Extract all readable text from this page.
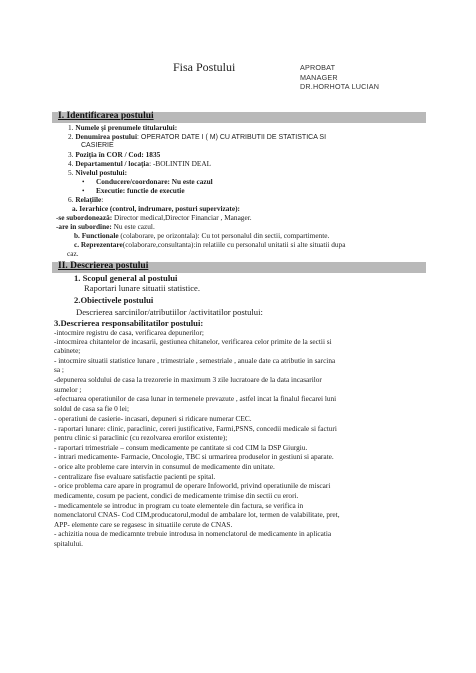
Fisa Postului	APROBAT
MANAGER
DR.HORHOTA LUCIAN
I. Identificarea postului
1. Numele şi prenumele titularului:
2. Denumirea postului: OPERATOR DATE I ( M) CU ATRIBUTII DE STATISTICA SI
CASIERIE
3. Poziţia în COR / Cod: 1835
4. Departamentul / locaţia: -BOLINTIN DEAL
5. Nivelul postului:
• Conducere/coordonare: Nu este cazul
• Executie: functie de executie
6. Relaţiile:
a. Ierarhice (control, indrumare, posturi supervizate):
-se subordonează: Director medical,Director Financiar , Manager.
-are in subordine: Nu este cazul.
b. Functionale (colaborare, pe orizontala): Cu tot personalul din sectii, compartimente.
c. Reprezentare(colaborare,consultanta):in relatiile cu personalul unitatii si alte situatii dupa
caz.
II. Descrierea postului
1. Scopul general al postului
Raportari lunare situatii statistice.
2.Obiectivele postului
Descrierea sarcinilor/atributiilor /activitatilor postului:
3.Descrierea responsabilitatilor postului:
-intocmire registru de casa, verificarea depunerilor;
-intocmirea chitantelor de incasarii, gestiunea chitanelor, verificarea celor primite de la sectii si
cabinete;
- intocmire situatii statistice lunare , trimestriale , semestriale , anuale date ca atributie in sarcina
sa ;
-depunerea soldului de casa la trezorerie in maximum 3 zile lucratoare de la data incasarilor
sumelor ;
-efectuarea operatiunilor de casa lunar in termenele prevazute , astfel incat la finalul fiecarei luni
soldul de casa sa fie 0 lei;
- operatiuni de casierie- incasari, depuneri si ridicare numerar CEC.
- raportari lunare: clinic, paraclinic, cereri justificative, Farmi,PSNS, concedii medicale si facturi
pentru clinic si paraclinic (cu rezolvarea erorilor existente);
- raportari trimestriale – consum medicamente pe cantitate si cod CIM la DSP Giurgiu.
- intrari medicamente- Farmacie, Oncologie, TBC si urmarirea produselor in gestiuni si aparate.
- orice alte probleme care intervin in consumul de medicamente din unitate.
- centralizare fise evaluare satisfactie pacienti pe spital.
- orice problema care apare in programul de operare Infoworld, privind operatiunile de miscari
medicamente, cosum pe pacient, condici de medicamente trimise din sectii cu erori.
- medicamentele se introduc in program cu toate elementele din factura, se verifica in
nomenclatorul CNAS- Cod CIM,producatorul,modul de ambalare lot, termen de valabilitate, pret,
APP- elemente care se regasesc in situatiile cerute de CNAS.
- achizitia noua de medicamnte trebuie introdusa in nomenclatorul de medicamente in aplicatia
spitalului.
